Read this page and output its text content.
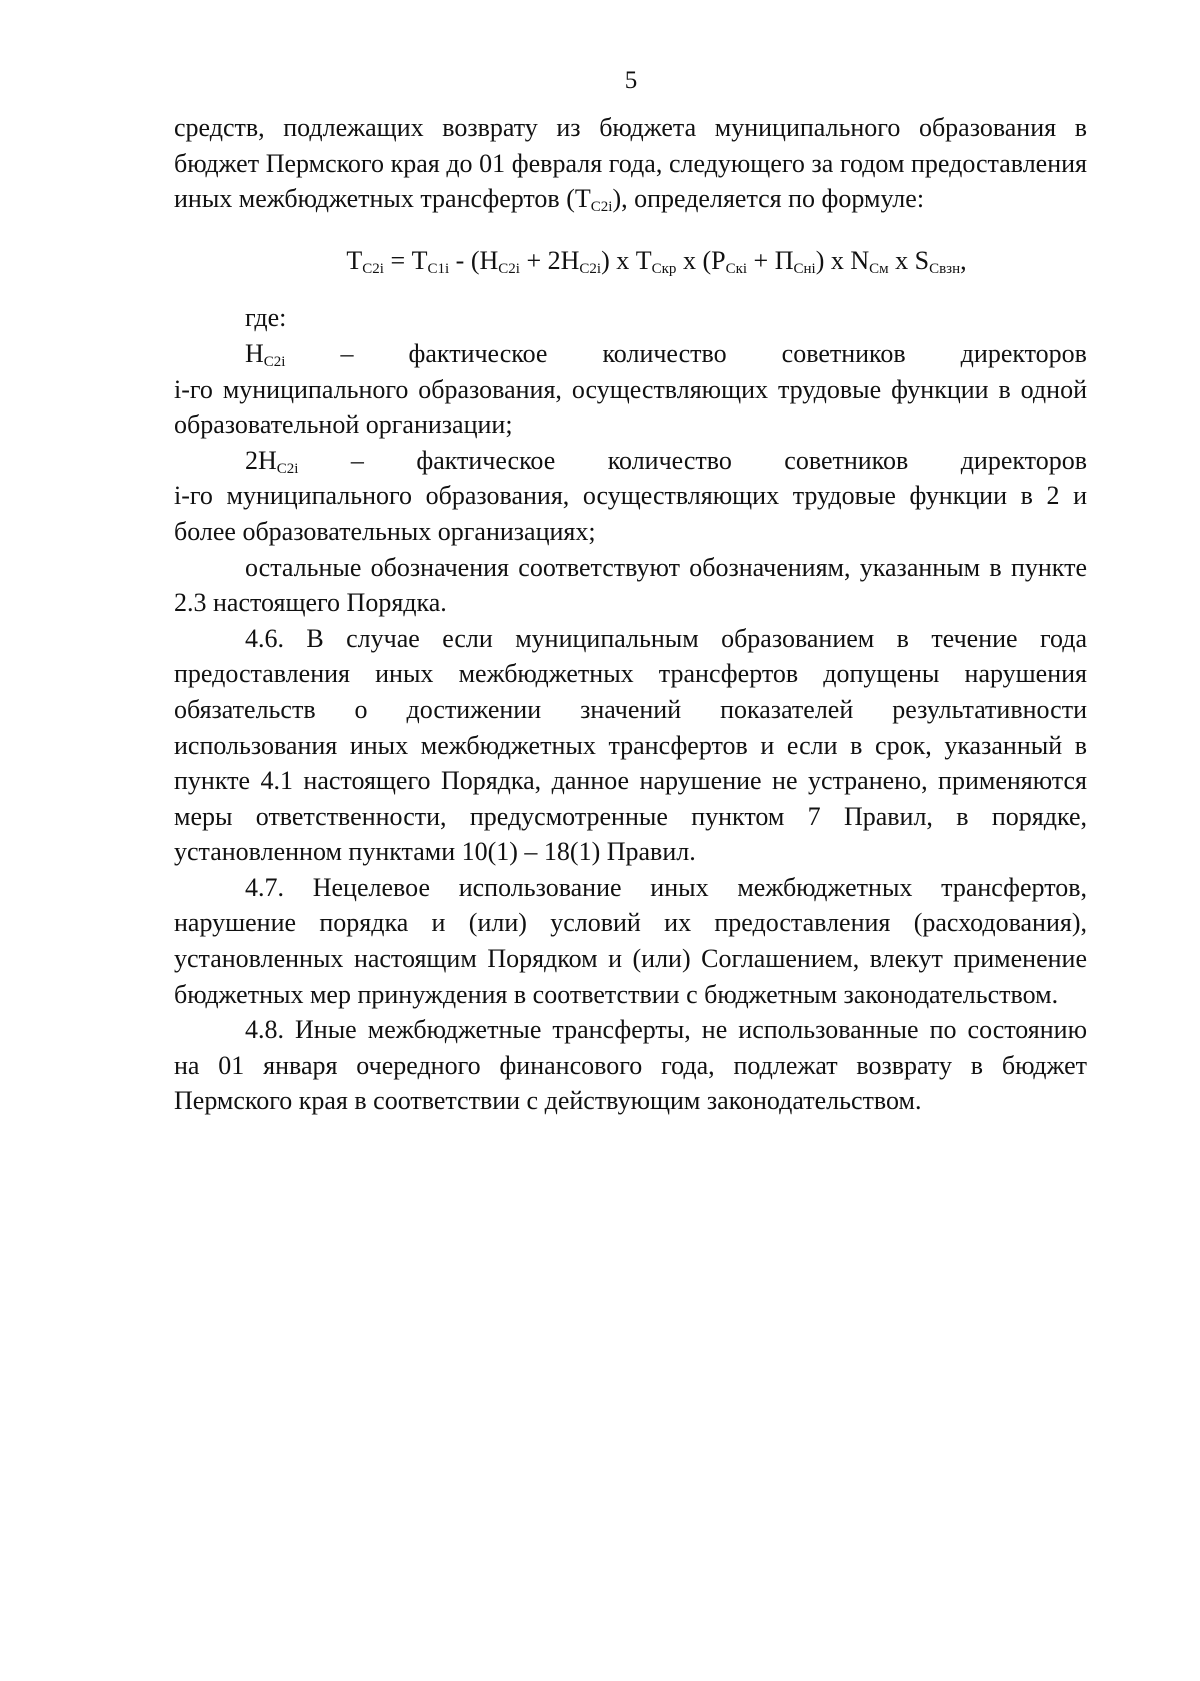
5

средств, подлежащих возврату из бюджета муниципального образования в бюджет Пермского края до 01 февраля года, следующего за годом предоставления иных межбюджетных трансфертов $(Т_{С2i})$, определяется по формуле:

$Т_{С2i} = Т_{С1i} - (Н_{С2i} + 2Н_{С2i})$ x $Т_{Скр}$ x $(Р_{Скi} + П_{Снi})$ x $N_{См}$ x $S_{Свзн}$,

где:

$Н_{С2i}$ – фактическое количество советников директоров

i-го муниципального образования, осуществляющих трудовые функции в одной образовательной организации;

$2Н_{С2i}$ – фактическое количество советников директоров

i-го муниципального образования, осуществляющих трудовые функции в 2 и более образовательных организациях;

остальные обозначения соответствуют обозначениям, указанным в пункте 2.3 настоящего Порядка.

4.6. В случае если муниципальным образованием в течение года предоставления иных межбюджетных трансфертов допущены нарушения обязательств о достижении значений показателей результативности использования иных межбюджетных трансфертов и если в срок, указанный в пункте 4.1 настоящего Порядка, данное нарушение не устранено, применяются меры ответственности, предусмотренные пунктом 7 Правил, в порядке, установленном пунктами 10(1) – 18(1) Правил.

4.7. Нецелевое использование иных межбюджетных трансфертов, нарушение порядка и (или) условий их предоставления (расходования), установленных настоящим Порядком и (или) Соглашением, влекут применение бюджетных мер принуждения в соответствии с бюджетным законодательством.

4.8. Иные межбюджетные трансферты, не использованные по состоянию на 01 января очередного финансового года, подлежат возврату в бюджет Пермского края в соответствии с действующим законодательством.
